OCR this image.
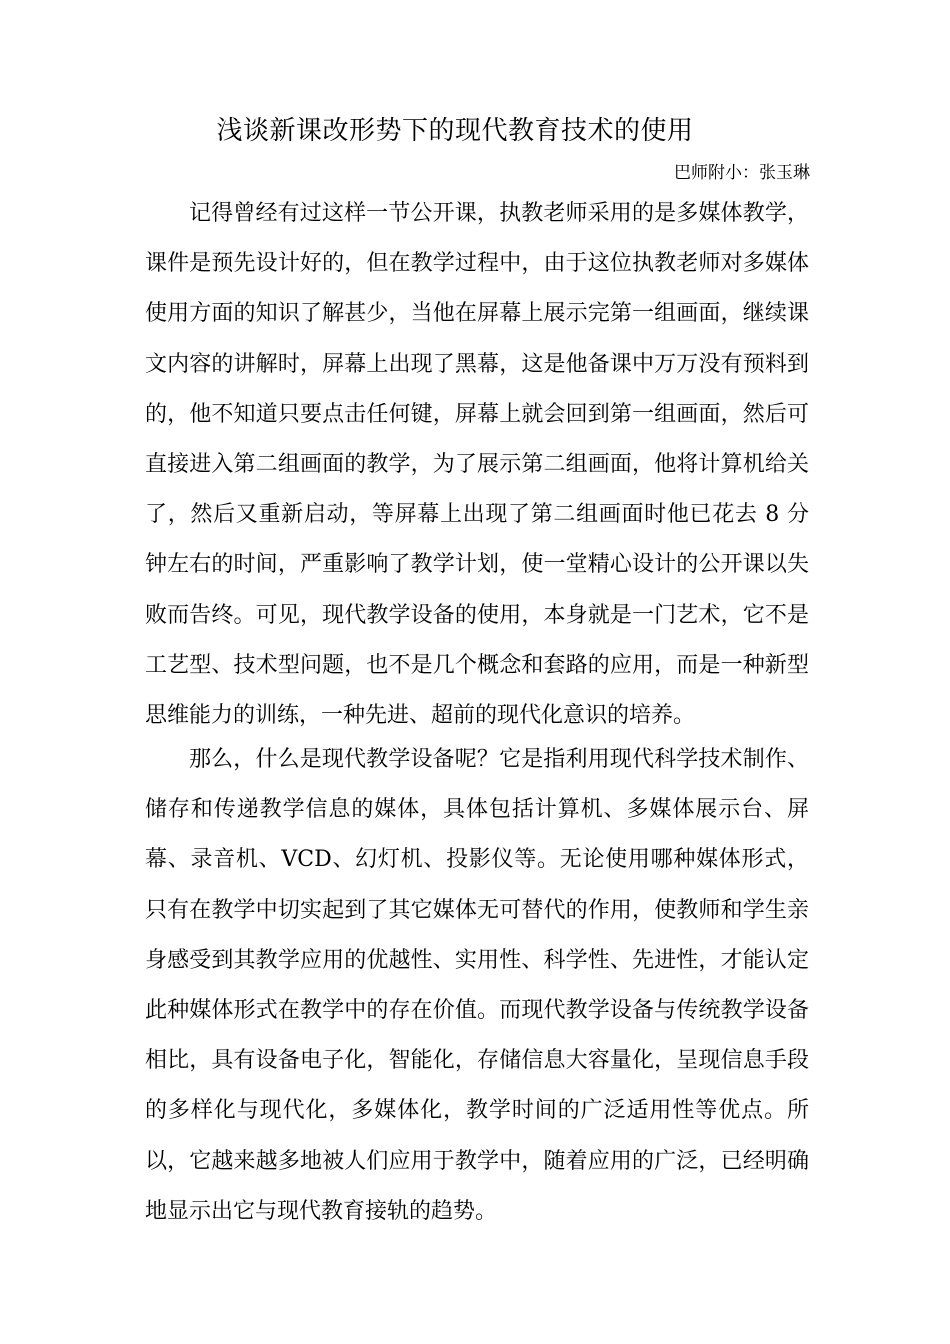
浅谈新课改形势下的现代教育技术的使用

巴师附小：张玉琳

记得曾经有过这样一节公开课，执教老师采用的是多媒体教学，课件是预先设计好的，但在教学过程中，由于这位执教老师对多媒体使用方面的知识了解甚少，当他在屏幕上展示完第一组画面，继续课文内容的讲解时，屏幕上出现了黑幕，这是他备课中万万没有预料到的，他不知道只要点击任何键，屏幕上就会回到第一组画面，然后可直接进入第二组画面的教学，为了展示第二组画面，他将计算机给关了，然后又重新启动，等屏幕上出现了第二组画面时他已花去 8 分钟左右的时间，严重影响了教学计划，使一堂精心设计的公开课以失败而告终。可见，现代教学设备的使用，本身就是一门艺术，它不是工艺型、技术型问题，也不是几个概念和套路的应用，而是一种新型思维能力的训练，一种先进、超前的现代化意识的培养。

那么，什么是现代教学设备呢？它是指利用现代科学技术制作、储存和传递教学信息的媒体，具体包括计算机、多媒体展示台、屏幕、录音机、VCD、幻灯机、投影仪等。无论使用哪种媒体形式，只有在教学中切实起到了其它媒体无可替代的作用，使教师和学生亲身感受到其教学应用的优越性、实用性、科学性、先进性，才能认定此种媒体形式在教学中的存在价值。而现代教学设备与传统教学设备相比，具有设备电子化，智能化，存储信息大容量化，呈现信息手段的多样化与现代化，多媒体化，教学时间的广泛适用性等优点。所以，它越来越多地被人们应用于教学中，随着应用的广泛，已经明确地显示出它与现代教育接轨的趋势。
